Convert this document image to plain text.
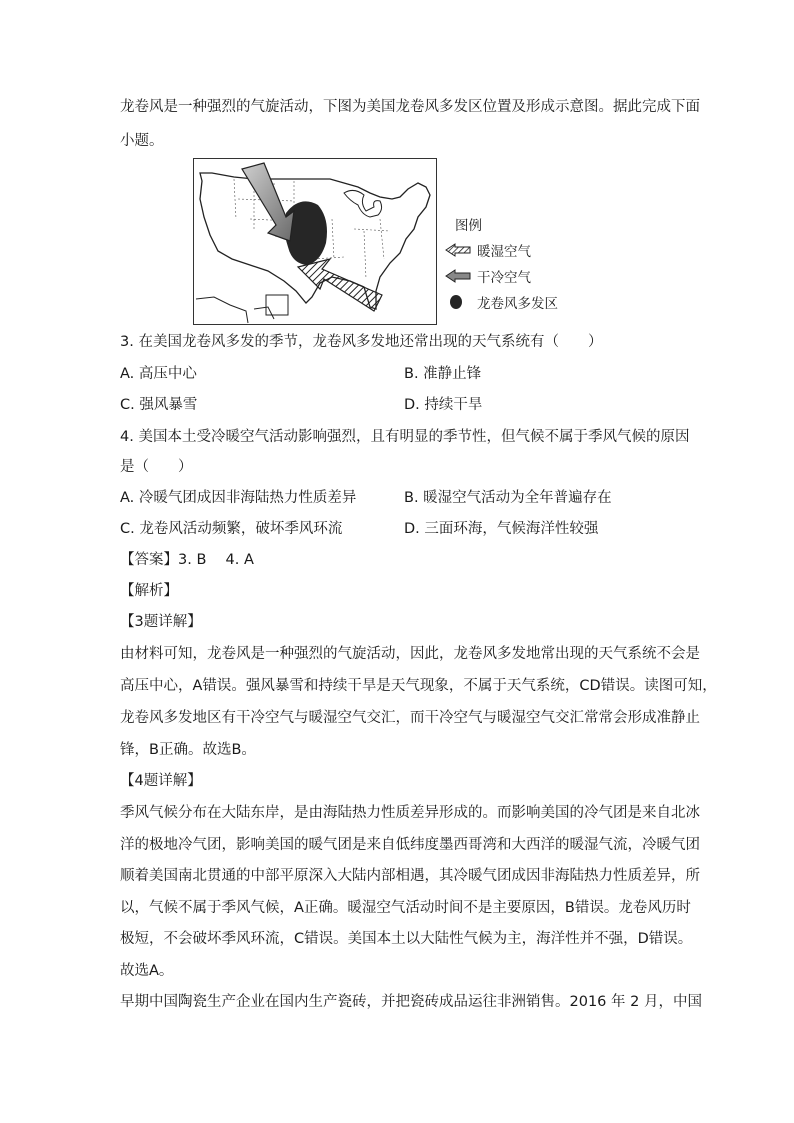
龙卷风是一种强烈的气旋活动，下图为美国龙卷风多发区位置及形成示意图。据此完成下面
小题。
图例
暖湿空气
干冷空气
龙卷风多发区
3. 在美国龙卷风多发的季节，龙卷风多发地还常出现的天气系统有（　　）
A. 高压中心	B. 准静止锋
C. 强风暴雪	D. 持续干旱
4. 美国本土受冷暖空气活动影响强烈，且有明显的季节性，但气候不属于季风气候的原因
是（　　）
A. 冷暖气团成因非海陆热力性质差异	B. 暖湿空气活动为全年普遍存在
C. 龙卷风活动频繁，破坏季风环流	D. 三面环海，气候海洋性较强
【答案】3. B　 4. A
【解析】
【3题详解】
由材料可知，龙卷风是一种强烈的气旋活动，因此，龙卷风多发地常出现的天气系统不会是
高压中心，A错误。强风暴雪和持续干旱是天气现象，不属于天气系统，CD错误。读图可知，
龙卷风多发地区有干冷空气与暖湿空气交汇，而干冷空气与暖湿空气交汇常常会形成准静止
锋，B正确。故选B。
【4题详解】
季风气候分布在大陆东岸，是由海陆热力性质差异形成的。而影响美国的冷气团是来自北冰
洋的极地冷气团，影响美国的暖气团是来自低纬度墨西哥湾和大西洋的暖湿气流，冷暖气团
顺着美国南北贯通的中部平原深入大陆内部相遇，其冷暖气团成因非海陆热力性质差异，所
以，气候不属于季风气候，A正确。暖湿空气活动时间不是主要原因，B错误。龙卷风历时
极短，不会破坏季风环流，C错误。美国本土以大陆性气候为主，海洋性并不强，D错误。
故选A。
早期中国陶瓷生产企业在国内生产瓷砖，并把瓷砖成品运往非洲销售。2016 年 2 月，中国
